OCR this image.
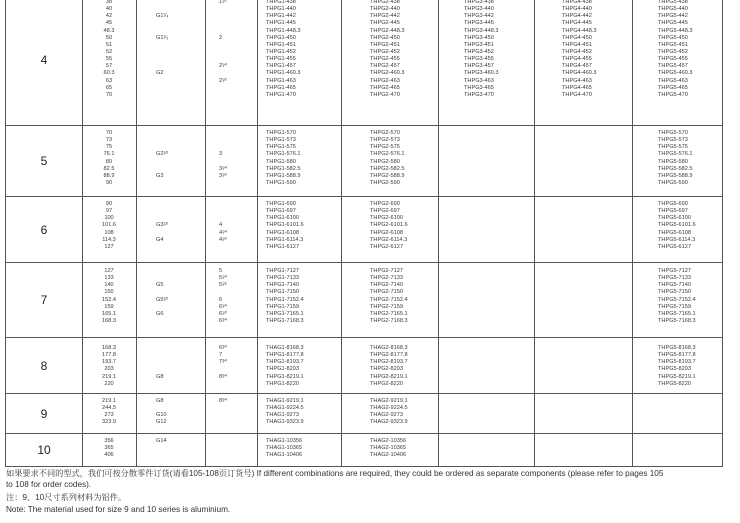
4
38
40
42
45
48.3
50
51
52
55
57
60.3
63
65
70
G1¹⁄₄
G1¹⁄₂
G2
1¹⁄²
2
2¹⁄⁴
2¹⁄²
THPG1-438
THPG1-440
THPG1-442
THPG1-445
THPG1-448.3
THPG1-450
THPG1-451
THPG1-452
THPG1-455
THPG1-457
THPG1-460.3
THPG1-463
THPG1-465
THPG1-470
THPG2-438
THPG2-440
THPG2-442
THPG2-445
THPG2-448.3
THPG2-450
THPG2-451
THPG2-452
THPG2-455
THPG2-457
THPG2-460.3
THPG2-463
THPG2-465
THPG2-470
THPG3-438
THPG3-440
THPG3-442
THPG3-445
THPG3-448.3
THPG3-450
THPG3-451
THPG3-452
THPG3-455
THPG3-457
THPG3-460.3
THPG3-463
THPG3-465
THPG3-470
THPG4-438
THPG4-440
THPG4-442
THPG4-445
THPG4-448.3
THPG4-450
THPG4-451
THPG4-452
THPG4-455
THPG4-457
THPG4-460.3
THPG4-463
THPG4-465
THPG4-470
THPG5-438
THPG5-440
THPG5-442
THPG5-445
THPG5-448.3
THPG5-450
THPG5-451
THPG5-452
THPG5-455
THPG5-457
THPG5-460.3
THPG5-463
THPG5-465
THPG5-470
5
70
73
75
76.1
80
82.5
88.9
90
G2¹⁄²
G3
3
3¹⁄⁴
3¹⁄²
THPG1-570
THPG1-573
THPG1-575
THPG1-576.1
THPG1-580
THPG1-582.5
THPG1-588.9
THPG1-590
THPG2-570
THPG2-573
THPG2-575
THPG2-576.1
THPG2-580
THPG2-582.5
THPG2-588.9
THPG2-590
THPG5-570
THPG5-573
THPG5-575
THPG5-576.1
THPG5-580
THPG5-582.5
THPG5-588.9
THPG5-590
6
90
97
100
101.6
108
114.3
127
G3¹⁄²
G4
4
4¹⁄⁴
4¹⁄²
THPG1-690
THPG1-697
THPG1-6100
THPG1-6101.6
THPG1-6108
THPG1-6114.3
THPG1-6127
THPG2-690
THPG2-697
THPG2-6100
THPG2-6101.6
THPG2-6108
THPG2-6114.3
THPG2-6127
THPG5-690
THPG5-697
THPG5-6100
THPG5-6101.6
THPG5-6108
THPG5-6114.3
THPG5-6127
7
127
133
140
150
152.4
159
165.1
168.3
G5
G5¹⁄²
G6
5
5¹⁄⁴
5¹⁄²
6
6¹⁄⁴
6¹⁄²
6³⁄⁴
THPG1-7127
THPG1-7133
THPG1-7140
THPG1-7150
THPG1-7152.4
THPG1-7159
THPG1-7165.1
THPG1-7168.3
THPG2-7127
THPG2-7133
THPG2-7140
THPG2-7150
THPG2-7152.4
THPG2-7159
THPG2-7165.1
THPG2-7168.3
THPG5-7127
THPG5-7133
THPG5-7140
THPG5-7150
THPG5-7152.4
THPG5-7159
THPG5-7165.1
THPG5-7168.3
8
168.3
177.8
193.7
203
219.1
220
G8
6³⁄⁴
7
7³⁄⁴
8³⁄⁴
THAG1-8168.3
THPG1-8177.8
THPG1-8193.7
THPG1-8203
THPG1-8219.1
THPG1-8220
THAG2-8168.3
THPG2-8177.8
THPG2-8193.7
THPG2-8203
THPG2-8219.1
THPG2-8220
THPG5-8168.3
THPG5-8177.8
THPG5-8193.7
THPG5-8203
THPG5-8219.1
THPG5-8220
9
219.1
244.5
273
323.9
G8
G10
G12
8³⁄⁴	THAG1-9219.1
THAG1-9224.5
THAG1-9273
THAG1-9323.9
THAG2-9219.1
THAG2-9224.5
THAG2-9273
THAG2-9323.9
10
356
365
406
G14	THAG1-10356
THAG1-10365
THAG1-10406
THAG2-10356
THAG2-10365
THAG2-10406
如果要求不同的型式，我们可按分散零件订货(请看105-108页订货号) If different combinations are required, they could be ordered as separate components (please refer to pages 105
to 108 for order codes).
注：9、10尺寸系列材料为铝件。
Note: The material used for size 9 and 10 series is aluminium.
